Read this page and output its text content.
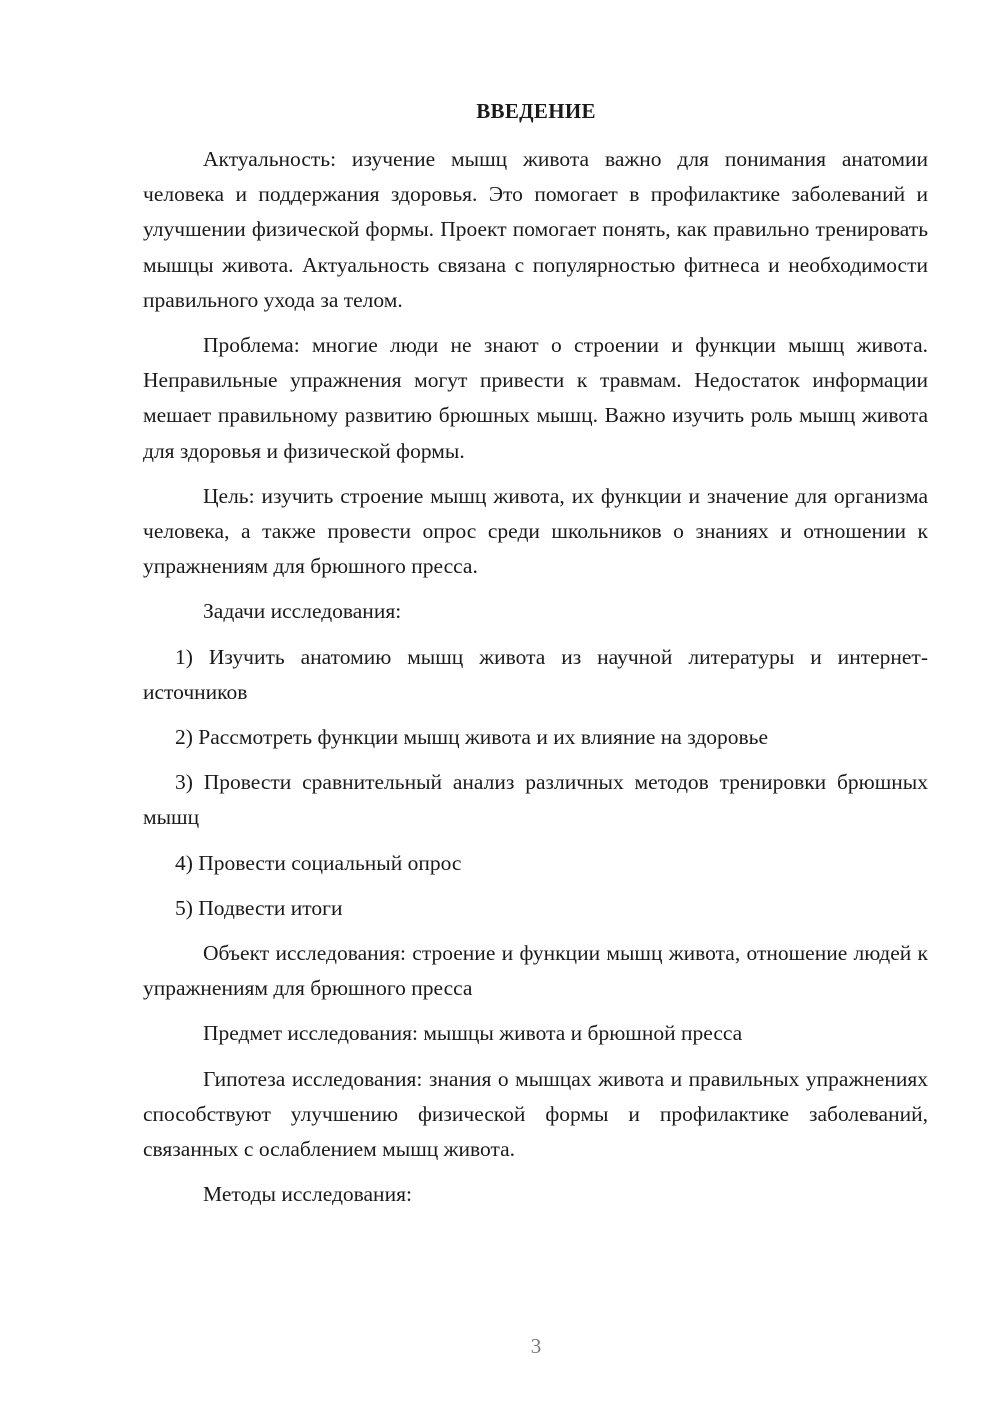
ВВЕДЕНИЕ

Актуальность: изучение мышц живота важно для понимания анатомии человека и поддержания здоровья. Это помогает в профилактике заболеваний и улучшении физической формы. Проект помогает понять, как правильно тренировать мышцы живота. Актуальность связана с популярностью фитнеса и необходимости правильного ухода за телом.

Проблема: многие люди не знают о строении и функции мышц живота. Неправильные упражнения могут привести к травмам. Недостаток информации мешает правильному развитию брюшных мышц. Важно изучить роль мышц живота для здоровья и физической формы.

Цель: изучить строение мышц живота, их функции и значение для организма человека, а также провести опрос среди школьников о знаниях и отношении к упражнениям для брюшного пресса.

Задачи исследования:

1) Изучить анатомию мышц живота из научной литературы и интернет-источников

2) Рассмотреть функции мышц живота и их влияние на здоровье

3) Провести сравнительный анализ различных методов тренировки брюшных мышц

4) Провести социальный опрос

5) Подвести итоги

Объект исследования: строение и функции мышц живота, отношение людей к упражнениям для брюшного пресса

Предмет исследования: мышцы живота и брюшной пресса

Гипотеза исследования: знания о мышцах живота и правильных упражнениях способствуют улучшению физической формы и профилактике заболеваний, связанных с ослаблением мышц живота.

Методы исследования:

3
